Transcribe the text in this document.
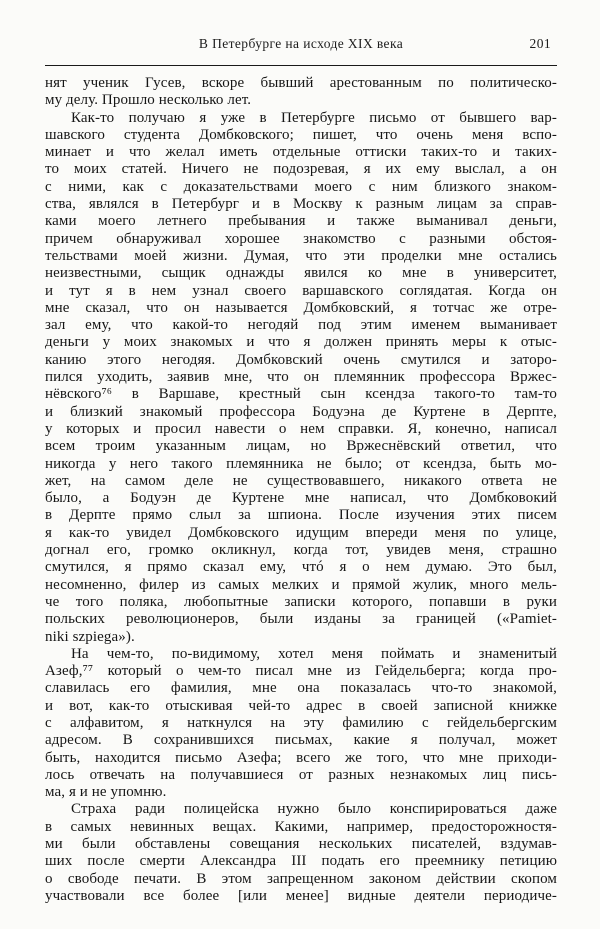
В Петербурге на исходе XIX века	201
нят ученик Гусев, вскоре бывший арестованным по политическо-
му делу. Прошло несколько лет.
Как-то получаю я уже в Петербурге письмо от бывшего вар-
шавского студента Домбковского; пишет, что очень меня вспо-
минает и что желал иметь отдельные оттиски таких-то и таких-
то моих статей. Ничего не подозревая, я их ему выслал, а он
с ними, как с доказательствами моего с ним близкого знаком-
ства, являлся в Петербург и в Москву к разным лицам за справ-
ками моего летнего пребывания и также выманивал деньги,
причем обнаруживал хорошее знакомство с разными обстоя-
тельствами моей жизни. Думая, что эти проделки мне остались
неизвестными, сыщик однажды явился ко мне в университет,
и тут я в нем узнал своего варшавского соглядатая. Когда он
мне сказал, что он называется Домбковский, я тотчас же отре-
зал ему, что какой-то негодяй под этим именем выманивает
деньги у моих знакомых и что я должен принять меры к отыс-
канию этого негодяя. Домбковский очень смутился и заторо-
пился уходить, заявив мне, что он племянник профессора Вржес-
нёвского⁷⁶ в Варшаве, крестный сын ксендза такого-то там-то
и близкий знакомый профессора Бодуэна де Куртене в Дерпте,
у которых и просил навести о нем справки. Я, конечно, написал
всем троим указанным лицам, но Вржеснёвский ответил, что
никогда у него такого племянника не было; от ксендза, быть мо-
жет, на самом деле не существовавшего, никакого ответа не
было, а Бодуэн де Куртене мне написал, что Домбковокий
в Дерпте прямо слыл за шпиона. После изучения этих писем
я как-то увидел Домбковского идущим впереди меня по улице,
догнал его, громко окликнул, когда тот, увидев меня, страшно
смутился, я прямо сказал ему, чтó я о нем думаю. Это был,
несомненно, филер из самых мелких и прямой жулик, много мель-
че того поляка, любопытные записки которого, попавши в руки
польских революционеров, были изданы за границей («Pamiet-
niki szpiega»).
На чем-то, по-видимому, хотел меня поймать и знаменитый
Азеф,⁷⁷ который о чем-то писал мне из Гейдельберга; когда про-
славилась его фамилия, мне она показалась что-то знакомой,
и вот, как-то отыскивая чей-то адрес в своей записной книжке
с алфавитом, я наткнулся на эту фамилию с гейдельбергским
адресом. В сохранившихся письмах, какие я получал, может
быть, находится письмо Азефа; всего же того, что мне приходи-
лось отвечать на получавшиеся от разных незнакомых лиц пись-
ма, я и не упомню.
Страха ради полицейска нужно было конспирироваться даже
в самых невинных вещах. Какими, например, предосторожностя-
ми были обставлены совещания нескольких писателей, вздумав-
ших после смерти Александра III подать его преемнику петицию
о свободе печати. В этом запрещенном законом действии скопом
участвовали все более [или менее] видные деятели периодиче-
